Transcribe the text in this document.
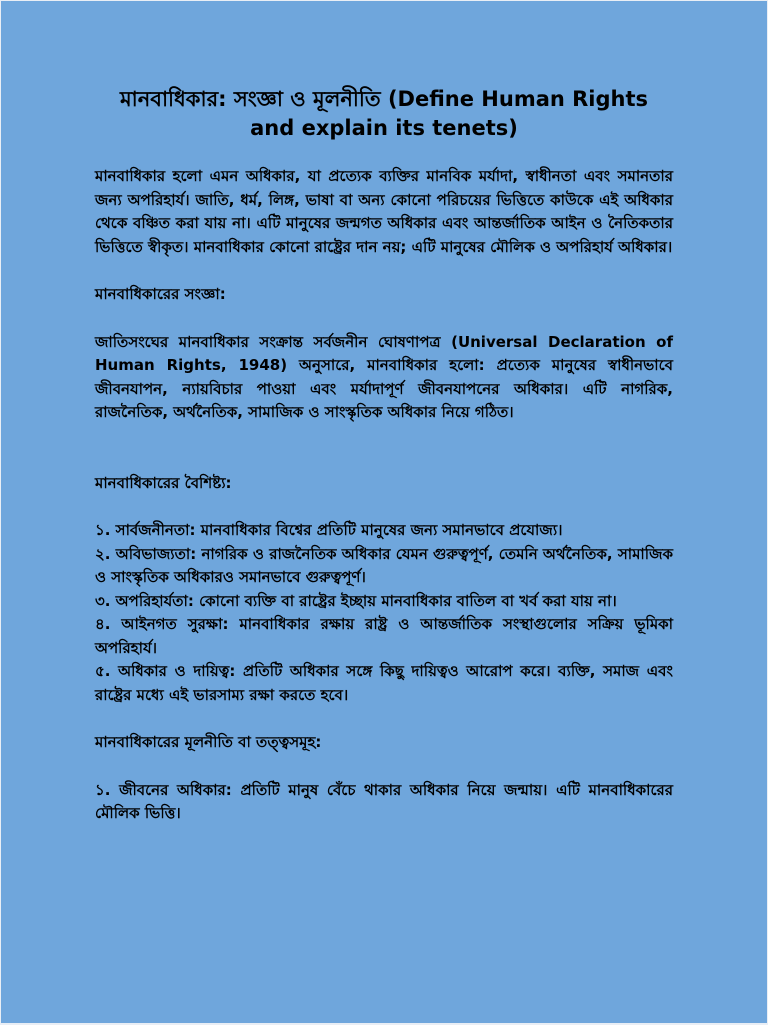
মানবাধিকার: সংজ্ঞা ও মূলনীতি (Define Human Rights and explain its tenets)

মানবাধিকার হলো এমন অধিকার, যা প্রত্যেক ব্যক্তির মানবিক মর্যাদা, স্বাধীনতা এবং সমানতার জন্য অপরিহার্য। জাতি, ধর্ম, লিঙ্গ, ভাষা বা অন্য কোনো পরিচয়ের ভিত্তিতে কাউকে এই অধিকার থেকে বঞ্চিত করা যায় না। এটি মানুষের জন্মগত অধিকার এবং আন্তর্জাতিক আইন ও নৈতিকতার ভিত্তিতে স্বীকৃত। মানবাধিকার কোনো রাষ্ট্রের দান নয়; এটি মানুষের মৌলিক ও অপরিহার্য অধিকার।

মানবাধিকারের সংজ্ঞা:

জাতিসংঘের মানবাধিকার সংক্রান্ত সর্বজনীন ঘোষণাপত্র (Universal Declaration of Human Rights, 1948) অনুসারে, মানবাধিকার হলো: প্রত্যেক মানুষের স্বাধীনভাবে জীবনযাপন, ন্যায়বিচার পাওয়া এবং মর্যাদাপূর্ণ জীবনযাপনের অধিকার। এটি নাগরিক, রাজনৈতিক, অর্থনৈতিক, সামাজিক ও সাংস্কৃতিক অধিকার নিয়ে গঠিত।

মানবাধিকারের বৈশিষ্ট্য:

১. সার্বজনীনতা: মানবাধিকার বিশ্বের প্রতিটি মানুষের জন্য সমানভাবে প্রযোজ্য।

২. অবিভাজ্যতা: নাগরিক ও রাজনৈতিক অধিকার যেমন গুরুত্বপূর্ণ, তেমনি অর্থনৈতিক, সামাজিক ও সাংস্কৃতিক অধিকারও সমানভাবে গুরুত্বপূর্ণ।

৩. অপরিহার্যতা: কোনো ব্যক্তি বা রাষ্ট্রের ইচ্ছায় মানবাধিকার বাতিল বা খর্ব করা যায় না।

৪. আইনগত সুরক্ষা: মানবাধিকার রক্ষায় রাষ্ট্র ও আন্তর্জাতিক সংস্থাগুলোর সক্রিয় ভূমিকা অপরিহার্য।

৫. অধিকার ও দায়িত্ব: প্রতিটি অধিকার সঙ্গে কিছু দায়িত্বও আরোপ করে। ব্যক্তি, সমাজ এবং রাষ্ট্রের মধ্যে এই ভারসাম্য রক্ষা করতে হবে।

মানবাধিকারের মূলনীতি বা তত্ত্বসমূহ:

১. জীবনের অধিকার: প্রতিটি মানুষ বেঁচে থাকার অধিকার নিয়ে জন্মায়। এটি মানবাধিকারের মৌলিক ভিত্তি।
